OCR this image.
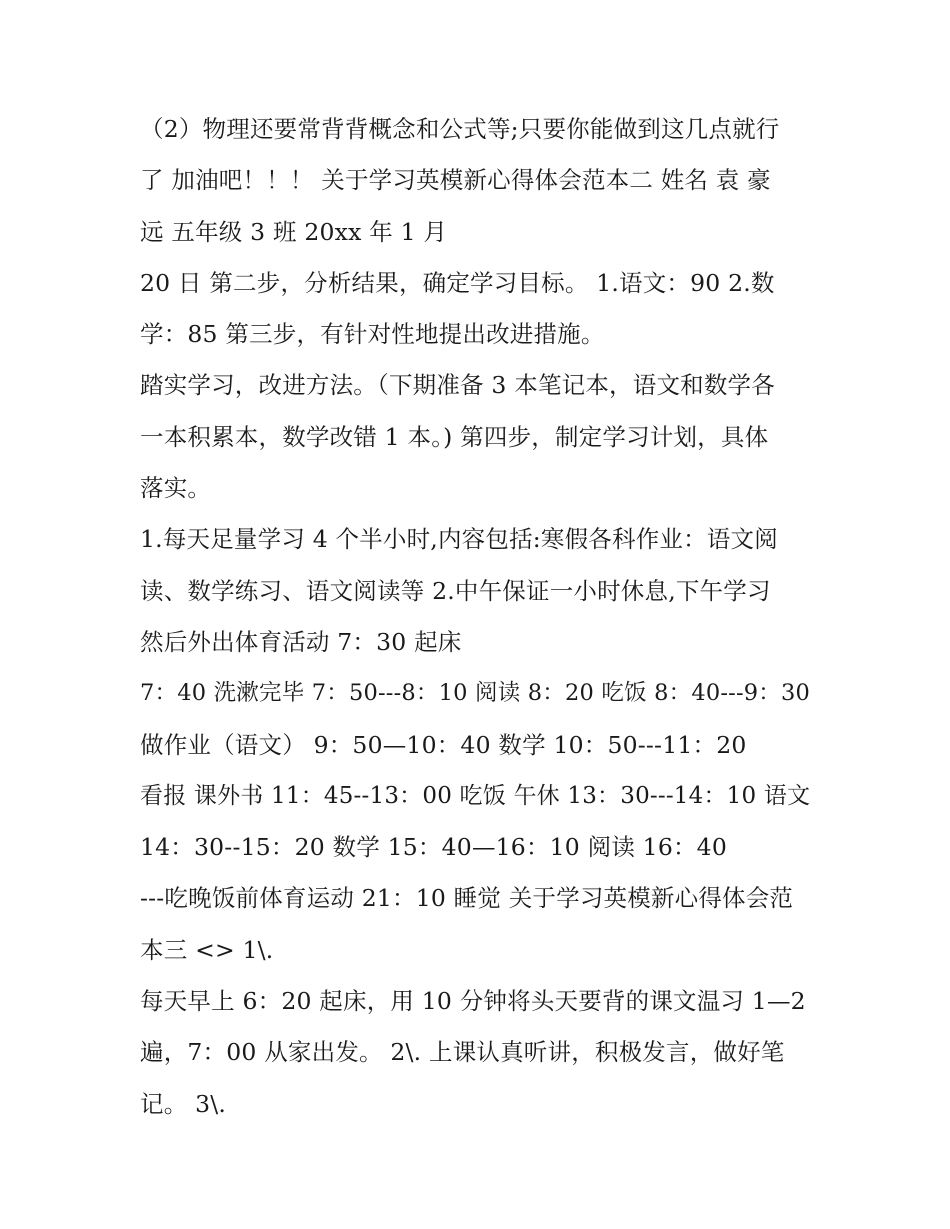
（2）物理还要常背背概念和公式等;只要你能做到这几点就行
了 加油吧！！！ 关于学习英模新心得体会范本二 姓名 袁 豪
远 五年级 3 班 20xx 年 1 月
20 日 第二步，分析结果，确定学习目标。 1.语文：90 2.数
学：85 第三步，有针对性地提出改进措施。
踏实学习，改进方法。（下期准备 3 本笔记本，语文和数学各
一本积累本，数学改错 1 本。) 第四步，制定学习计划，具体
落实。
1.每天足量学习 4 个半小时,内容包括:寒假各科作业：语文阅
读、数学练习、语文阅读等 2.中午保证一小时休息,下午学习
然后外出体育活动 7：30 起床
7：40 洗漱完毕 7：50---8：10 阅读 8：20 吃饭 8：40---9：30
做作业（语文） 9：50—10：40 数学 10：50---11：20
看报 课外书 11：45--13：00 吃饭 午休 13：30---14：10 语文
14：30--15：20 数学 15：40—16：10 阅读 16：40
---吃晚饭前体育运动 21：10 睡觉 关于学习英模新心得体会范
本三 <> 1\.
每天早上 6：20 起床，用 10 分钟将头天要背的课文温习 1—2
遍，7：00 从家出发。 2\. 上课认真听讲，积极发言，做好笔
记。 3\.
